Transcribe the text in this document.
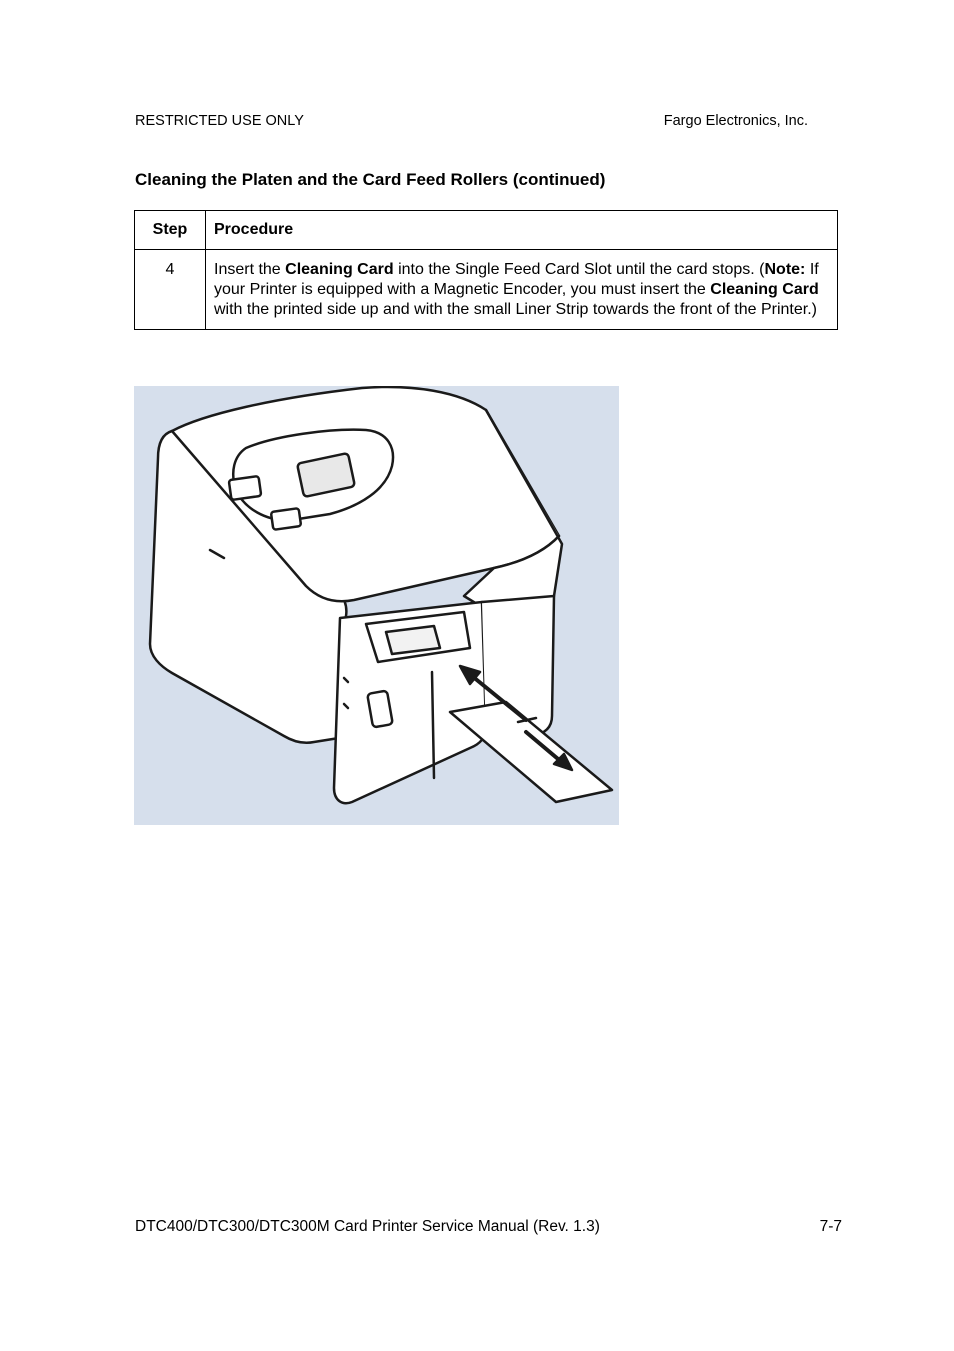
RESTRICTED USE ONLY	Fargo Electronics, Inc.
Cleaning the Platen and the Card Feed Rollers (continued)
Step	Procedure
4	Insert the Cleaning Card into the Single Feed Card Slot until the card stops. (Note: If your Printer is equipped with a Magnetic Encoder, you must insert the Cleaning Card with the printed side up and with the small Liner Strip towards the front of the Printer.)
DTC400/DTC300/DTC300M Card Printer Service Manual (Rev. 1.3)	7-7
